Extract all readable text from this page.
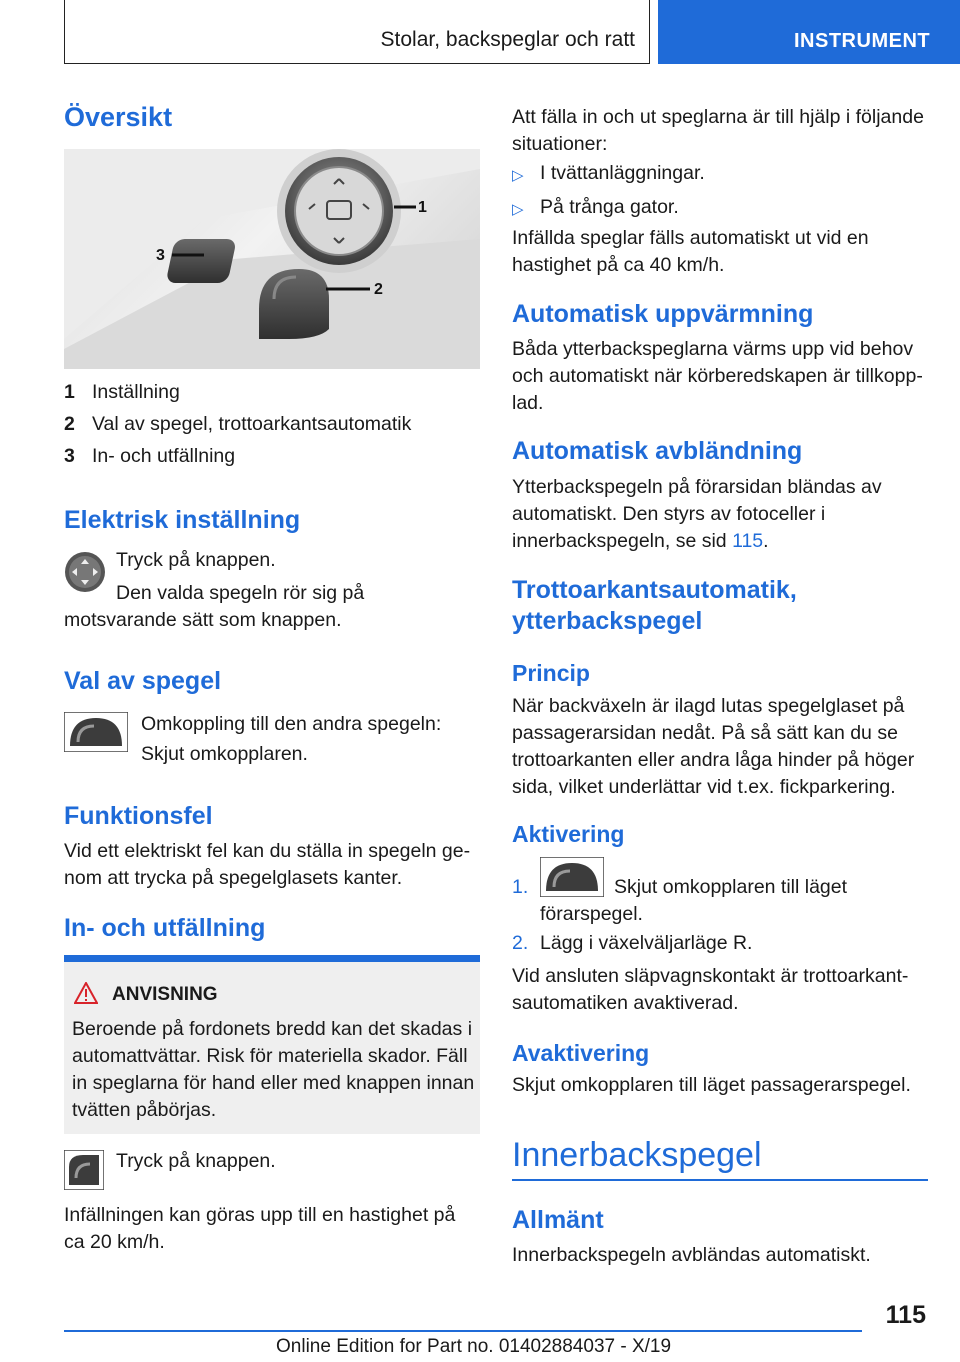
Stolar, backspeglar och ratt	INSTRUMENT
Översikt
1
2
3
1 Inställning
2 Val av spegel, trottoarkantsautomatik
3 In- och utfällning
Elektrisk inställning

Tryck på knappen.

Den valda spegeln rör sig på motsvarande sätt som knappen.

Val av spegel

Omkoppling till den andra spegeln:

Skjut omkopplaren.

Funktionsfel

Vid ett elektriskt fel kan du ställa in spegeln genom att trycka på spegelglasets kanter.

In- och utfällning
ANVISNING

Beroende på fordonets bredd kan det skadas i automattvättar. Risk för materiella skador. Fäll in speglarna för hand eller med knappen innan tvätten påbörjas.

Tryck på knappen.

Infällningen kan göras upp till en hastighet på ca 20 km/h.

Att fälla in och ut speglarna är till hjälp i följande situationer:

▷ I tvättanläggningar.

▷ På trånga gator.

Infällda speglar fälls automatiskt ut vid en hastighet på ca 40 km/h.

Automatisk uppvärmning

Båda ytterbackspeglarna värms upp vid behov och automatiskt när körberedskapen är tillkopplad.

Automatisk avbländning

Ytterbackspegeln på förarsidan bländas av automatiskt. Den styrs av fotoceller i innerbackspegeln, se sid 115.

Trottoarkantsautomatik,
ytterbackspegel
Princip

När backväxeln är ilagd lutas spegelglaset på passagerarsidan nedåt. På så sätt kan du se trottoarkanten eller andra låga hinder på höger sida, vilket underlättar vid t.ex. fickparkering.

Aktivering
1.	Skjut omkopplaren till läget förarspegel.

2. Lägg i växelväljarläge R.

Vid ansluten släpvagnskontakt är trottoarkantsautomatiken avaktiverad.

Avaktivering

Skjut omkopplaren till läget passagerarspegel.

Innerbackspegel
Allmänt

Innerbackspegeln avbländas automatiskt.

115
Online Edition for Part no. 01402884037 - X/19
